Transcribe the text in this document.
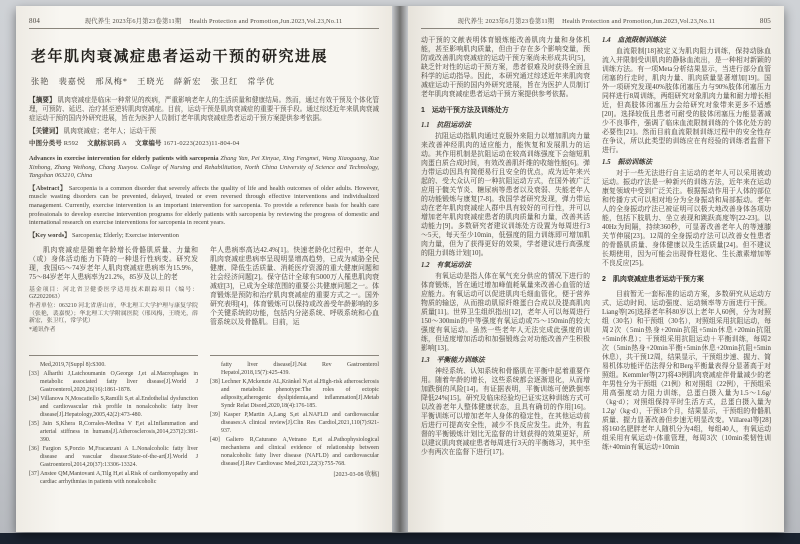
804	现代养生 2023年6月第23卷第11期 Health Protection and Promotion,Jun.2023,Vol.23,No.11
老年肌肉衰减症患者运动干预的研究进展
张艳　裴嘉悦　邢凤梅*　王晓光　薛新宏　张卫红　常学优
【摘要】 肌肉衰减症是临床一种常见的疾病，严重影响老年人的生活质量和健康结局。然而，通过有效干预及个体化管理，可预防、延迟、治疗甚至逆转肌肉衰减症。目前，运动干预是肌肉衰减症的重要干预手段。通过综述近年来肌肉衰减症运动干预的国内外研究进展，旨在为医护人员制订老年肌肉衰减症患者运动干预方案提供参考依据。
【关键词】 肌肉衰减症；老年人；运动干预
中图分类号 R592 文献标识码 A 文章编号 1671-0223(2023)11-804-04
Advances in exercise intervention for elderly patients with sarcopenia Zhang Yan, Pei Xinyue, Xing Fengmei, Wang Xiaoguang, Xue Xinhong, Zhang Weihong, Chang Xueyou. College of Nursing and Rehabilitation, North China University of Science and Technology, Tangshan 063210, China
【Abstract】 Sarcopenia is a common disorder that severely affects the quality of life and health outcomes of older adults. However, muscle wasting disorders can be prevented, delayed, treated or even reversed through effective interventions and individualized management. Currently, exercise intervention is an important intervention for sarcopenia. To provide a reference basis for health care professionals to develop exercise intervention programs for elderly patients with sarcopenia by reviewing the progress of domestic and international research on exercise interventions for sarcopenia in recent years.
【Key words】 Sarcopenia; Elderly; Exercise intervention

肌肉衰减症是随着年龄增长骨骼肌质量、力量和（或）身体活动能力下降的一种退行性病变。研究发现，我国65～74岁老年人肌肉衰减症患病率为15.9%，75～84岁老年人患病率为21.2%，85岁及以上的老

基金项目：河北省卫健委医学适用技术跟踪项目（编号：GZ2022063）
作者单位：063210 河北省唐山市，华北理工大学护理与康复学院（张艳，裴嘉悦）；华北理工大学附属医院（邢凤梅，王晓光，薛新宏，张卫红，常学优）
*通讯作者
Med,2019,7(Suppl 8):S300.
[33] Alharthi J,Latchoumanin O,George J,et al.Macrophages in metabolic associated fatty liver disease[J].World J Gastroenterol,2020,26(16):1861-1878.
[34] Villanova N,Moscatiello S,Ramilli S,et al.Endothelial dysfunction and cardiovascular risk profile in nonalcoholic fatty liver disease[J].Hepatology,2005,42(2):473-480.
[35] Jain S,Khera R,Corrales-Medina V F,et al.Inflammation and arterial stiffness in humans[J].Atherosclerosis,2014,237(2):381-390.
[36] Fargion S,Porzio M,Fracanzani A L.Nonalcoholic fatty liver disease and vascular disease:State-of-the-art[J].World J Gastroenterol,2014,20(37):13306-13324.
[37] Anstee QM,Mantovani A,Tilg H,et al.Risk of cardiomyopathy and cardiac arrhythmias in patients with nonalcoholic

年人患病率高达42.4%[1]。快速老龄化过程中，老年人肌肉衰减症患病率呈现明显增高趋势，已成为威胁全民健康、降低生活质量、消耗医疗资源的重大健康问题和社会经济问题[2]。保守估计全球有5000万人罹患肌肉衰减症[3]，已成为全球范围的重要公共健康问题之一。体育锻炼是预防和治疗肌肉衰减症的重要方式之一。国外研究表明[4]，体育锻炼可以保持或改善受年龄影响的多个关键系统的功能，包括内分泌系统、呼吸系统和心血管系统以及骨骼肌。目前，运

fatty liver disease[J].Nat Rev Gastroenterol Hepatol,2018,15(7):425-439.
[38] Lechner K,Mckenzie AL,Kränkel N,et al.High-risk atherosclerosis and metabolic phenotype:The roles of ectopic adiposity,atherogenic dyslipidemia,and inflammation[J].Metab Syndr Relat Disord,2020,18(4):176-185.
[39] Kasper P,Martin A,Lang S,et al.NAFLD and cardiovascular diseases:A clinical review[J].Clin Res Cardiol,2021,110(7):921-937.
[40] Galiero R,Caturano A,Vetrano E,et al.Pathophysiological mechanisms and clinical evidence of relationship between nonalcoholic fatty liver disease (NAFLD) and cardiovascular disease[J].Rev Cardiovasc Med,2021,22(3):755-768.
[2023-03-08 收稿]
现代养生 2023年6月第23卷第11期 Health Protection and Promotion,Jun.2023,Vol.23,No.11	805

动干预的文献表明体育锻炼能改善肌肉力量和身体机能，甚至影响肌肉质量，但由于存在多个影响变量，预防或改善肌肉衰减症的运动干预方案尚未形成共识[5]，缺乏针对性的运动干预方案，患者很难及时获得全面且科学的运动指导。因此，本研究通过综述近年来肌肉衰减症运动干预的国内外研究进展，旨在为医护人员制订老年肌肉衰减症患者运动干预方案提供参考依据。

1　运动干预方法及训练处方
1.1　抗阻运动法

抗阻运动指肌肉通过克服外来阻力以增加肌肉力量来改善神经肌肉的适应能力，能恢复和发展肌力的运动。其作用机制是抗阻运动在较高训练强度下会缩短肌肉蛋白质合成时间，有效改善肌纤维的收缩性能[6]。弹力带运动因具有简便易行且安全的优点，成为近年来兴起的、受大众认可的一种抗阻运动方式，在国外被广泛应用于髋关节炎、糖尿病等患者以及衰弱、失能老年人的功能锻炼与康复[7-8]。我国学者研究发现，弹力带运动在老年肌肉衰减症人群中具有较好的可行性，并可以增加老年肌肉衰减症患者的肌肉质量和力量，改善其活动能力[9]。多数研究者建议训练处方设置为每周进行3～5天，每天至少10min，低强度的阻力训练即可增加肌肉力量，但为了获得更好的效果，学者建议进行高强度的阻力训练计划[10]。

1.2　有氧运动法

有氧运动是指人体在氧气充分供应的情况下进行的体育锻炼，旨在通过增加峰值耗氧量来改善心血管的适应能力。有氧运动可以促进肌肉毛细血管化，便于营养物质的输送，从而推动肌原纤维蛋白合成以及提高肌肉质量[11]。世界卫生组织指出[12]，老年人可以每周进行150～300min的中等强度有氧运动或75～150min的较大强度有氧运动。虽然一些老年人无法完成此强度的训练，但适度增加活动和加强锻炼会对功能改善产生积极影响[13]。

1.3　平衡能力训练法

神经系统、认知系统和骨骼肌在平衡中起着重要作用。随着年龄的增长，这些系统都会逐渐退化，从而增加跌倒的风险[14]。有证据表明，平衡训练可使跌倒率降低24%[15]。研究及临床经验均已证实这种训练方式可以改善老年人整体健康状态，且具有确切的作用[16]。平衡训练可以增加老年人身体的稳定性，在其他运动前后进行可提高安全性，减少不良反应发生。此外，有监督的平衡锻炼计划比无监督的计划获得的效果更好，所以建议肌肉衰减症患者每周进行3天的平衡练习，其中至少有两次在监督下进行[17]。

1.4　血流限制训练法

血流限制[18]被定义为肌肉阻力训练，保持动脉血流入并限制受训肌肉的静脉血流出，是一种相对新颖的训练方法。有一项Meta分析结果显示，当进行部分血管闭塞的行走时，肌肉力量、肌肉质量显著增加[19]。国外一项研究发现40%肢体闭塞压力与90%肢体闭塞压力同样进行8周训练，两组研究对象肌肉力量和耐力增长相近，但高肢体闭塞压力会给研究对象带来更多不适感[20]。选择较低且患者可耐受的肢体闭塞压力能显著减少不良事件，强调了临床血流限制训练的个体化处方的必要性[21]。然而目前血流限制训练过程中的安全性存在争议，所以此类型的训练应在有经验的训练者监督下进行。

1.5　振动训练法

对于一些无法进行自主运动的老年人可以采用被动运动。振动疗法是一种新兴的训练方法，近年来在运动康复领域中受到广泛关注。根据振动作用于人体的部位和传播方式可以相对地分为全身振动和局部振动。老年人的全身振动疗法已被证明可以极大地改善身体各项功能，包括下肢肌力、坐立表现和跳跃高度等[22-23]。以40Hz为间隔，持续360秒，可显著改善老年人的等速膝关节伸展[23]。12周的全身振动疗法可以改善女性患者的骨骼肌质量、身体健康以及生活质量[24]。但不建议长期使用，因为可能会出现脊柱退化、生长激素增加等不良反应[25]。

2　肌肉衰减症患者运动干预方案

目前暂无一套标准的运动方案，多数研究从运动方式、运动时间、运动强度、运动频率等方面进行干预。Liang等[26]选择老年科80岁以上老年人60例，分为对照组（30名）和干预组（30名），对照组采用抗阻运动，每周2次（5min热身+20min抗阻+5min休息+20min抗阻+5min休息）；干预组采用抗阻运动＋平衡训练，每周2次（5min热身+20min平衡+5min休息+20min抗阻+5min休息），共干预12周，结果显示，干预组步速、握力、简易机体功能评估法得分和Berg平衡量表得分显著高于对照组。Kemmler等[27]将43例肌肉衰减症伴骨量减少的老年男性分为干预组（21例）和对照组（22例），干预组采用高强度动力阻力训练，总蛋白摄入量为1.5～1.6g/（kg·d）；对照组保持平时生活方式，总蛋白摄入量为1.2g/（kg·d），干预18个月，结果显示，干预组的骨骼肌质量、握力显著改善但步速无明显改变。Villareal等[28]将160名肥胖老年人随机分为4组，每组40人，有氧运动组采用有氧运动+体重管理，每周3次（10min柔韧性训练+40min有氧运动+10min
